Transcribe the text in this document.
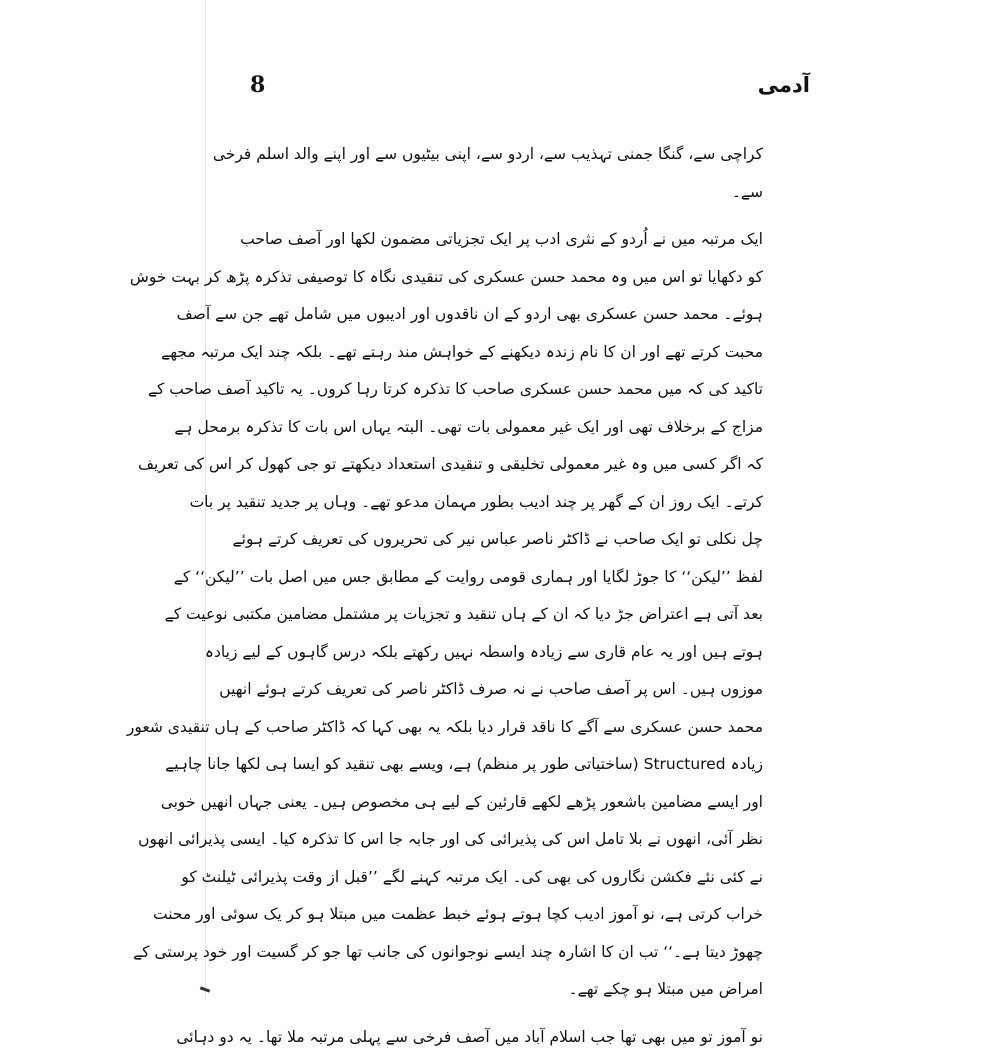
8	آدمی
کراچی سے، گنگا جمنی تہذیب سے، اردو سے، اپنی بیٹیوں سے اور اپنے والد اسلم فرخی
سے۔
ایک مرتبہ میں نے اُردو کے نثری ادب پر ایک تجزیاتی مضمون لکھا اور آصف صاحب
کو دکھایا تو اس میں وہ محمد حسن عسکری کی تنقیدی نگاہ کا توصیفی تذکرہ پڑھ کر بہت خوش
ہوئے۔ محمد حسن عسکری بھی اردو کے ان ناقدوں اور ادیبوں میں شامل تھے جن سے آصف
محبت کرتے تھے اور ان کا نام زندہ دیکھنے کے خواہش مند رہتے تھے۔ بلکہ چند ایک مرتبہ مجھے
تاکید کی کہ میں محمد حسن عسکری صاحب کا تذکرہ کرتا رہا کروں۔ یہ تاکید آصف صاحب کے
مزاج کے برخلاف تھی اور ایک غیر معمولی بات تھی۔ البتہ یہاں اس بات کا تذکرہ برمحل ہے
کہ اگر کسی میں وہ غیر معمولی تخلیقی و تنقیدی استعداد دیکھتے تو جی کھول کر اس کی تعریف
کرتے۔ ایک روز ان کے گھر پر چند ادیب بطور مہمان مدعو تھے۔ وہاں پر جدید تنقید پر بات
چل نکلی تو ایک صاحب نے ڈاکٹر ناصر عباس نیر کی تحریروں کی تعریف کرتے ہوئے
لفظ ’’لیکن‘‘ کا جوڑ لگایا اور ہماری قومی روایت کے مطابق جس میں اصل بات ’’لیکن‘‘ کے
بعد آتی ہے اعتراض جڑ دیا کہ ان کے ہاں تنقید و تجزیات پر مشتمل مضامین مکتبی نوعیت کے
ہوتے ہیں اور یہ عام قاری سے زیادہ واسطہ نہیں رکھتے بلکہ درس گاہوں کے لیے زیادہ
موزوں ہیں۔ اس پر آصف صاحب نے نہ صرف ڈاکٹر ناصر کی تعریف کرتے ہوئے انھیں
محمد حسن عسکری سے آگے کا ناقد قرار دیا بلکہ یہ بھی کہا کہ ڈاکٹر صاحب کے ہاں تنقیدی شعور
زیادہ Structured (ساختیاتی طور پر منظم) ہے، ویسے بھی تنقید کو ایسا ہی لکھا جانا چاہیے
اور ایسے مضامین باشعور پڑھے لکھے قارئین کے لیے ہی مخصوص ہیں۔ یعنی جہاں انھیں خوبی
نظر آئی، انھوں نے بلا تامل اس کی پذیرائی کی اور جابہ جا اس کا تذکرہ کیا۔ ایسی پذیرائی انھوں
نے کئی نئے فکشن نگاروں کی بھی کی۔ ایک مرتبہ کہنے لگے ’’قبل از وقت پذیرائی ٹیلنٹ کو
خراب کرتی ہے، نو آموز ادیب کچا ہوتے ہوئے خبط عظمت میں مبتلا ہو کر یک سوئی اور محنت
چھوڑ دیتا ہے۔‘‘ تب ان کا اشارہ چند ایسے نوجوانوں کی جانب تھا جو کر گسیت اور خود پرستی کے
امراض میں مبتلا ہو چکے تھے۔
نو آموز تو میں بھی تھا جب اسلام آباد میں آصف فرخی سے پہلی مرتبہ ملا تھا۔ یہ دو دہائی
